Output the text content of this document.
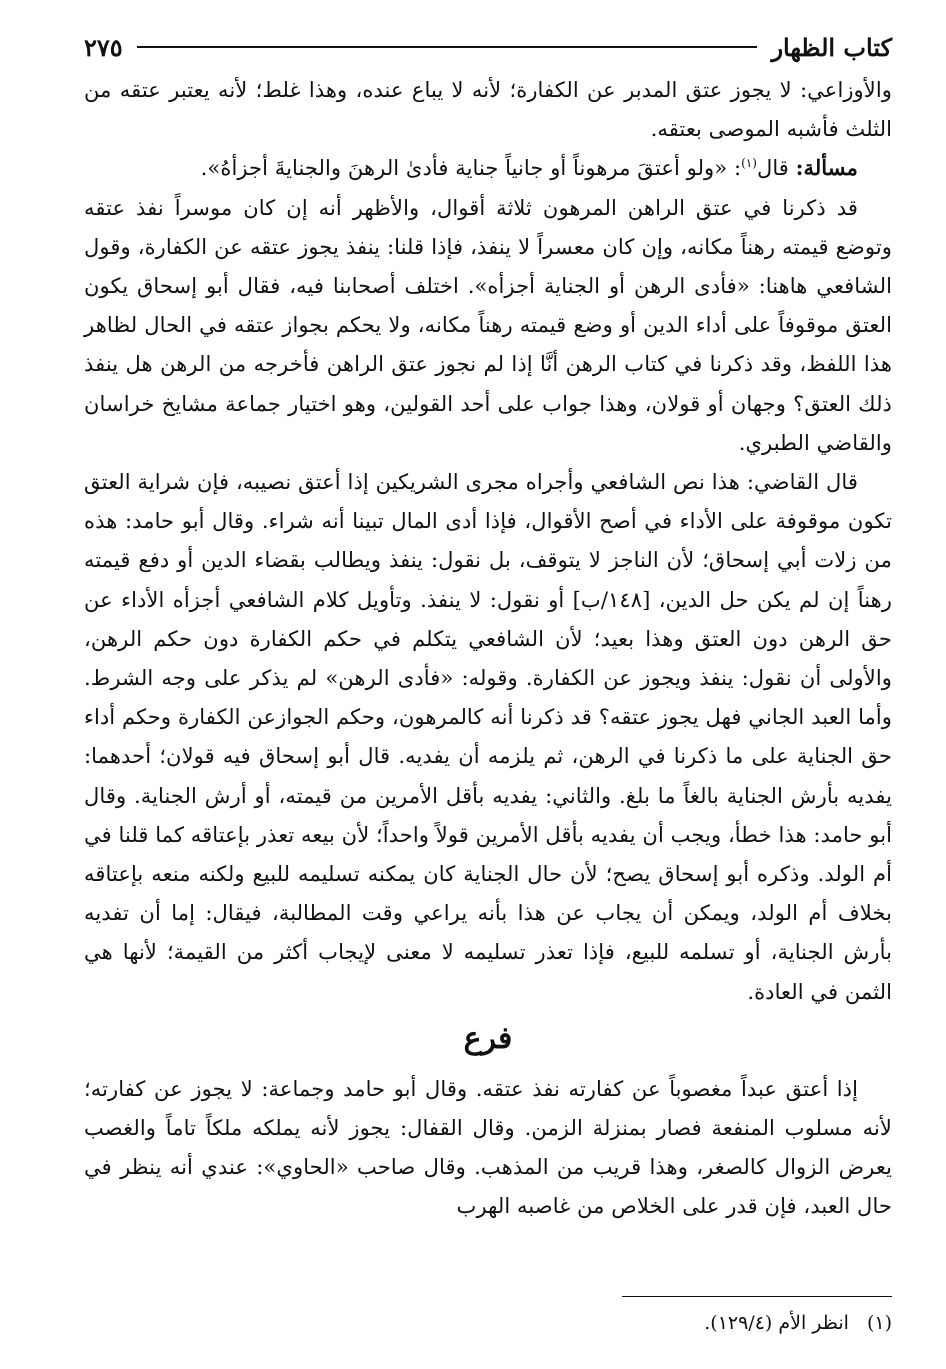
كتاب الظهار
٢٧٥

والأوزاعي: لا يجوز عتق المدبر عن الكفارة؛ لأنه لا يباع عنده، وهذا غلط؛ لأنه يعتبر عتقه من الثلث فأشبه الموصى بعتقه.

مسألة: قال$^{(١)}$: «ولو أعتقَ مرهوناً أو جانياً جناية فأدىٰ الرهنَ والجنايةَ أجزأهُ».

قد ذكرنا في عتق الراهن المرهون ثلاثة أقوال، والأظهر أنه إن كان موسراً نفذ عتقه وتوضع قيمته رهناً مكانه، وإن كان معسراً لا ينفذ، فإذا قلنا: ينفذ يجوز عتقه عن الكفارة، وقول الشافعي هاهنا: «فأدى الرهن أو الجناية أجزأه». اختلف أصحابنا فيه، فقال أبو إسحاق يكون العتق موقوفاً على أداء الدين أو وضع قيمته رهناً مكانه، ولا يحكم بجواز عتقه في الحال لظاهر هذا اللفظ، وقد ذكرنا في كتاب الرهن أنَّا إذا لم نجوز عتق الراهن فأخرجه من الرهن هل ينفذ ذلك العتق؟ وجهان أو قولان، وهذا جواب على أحد القولين، وهو اختيار جماعة مشايخ خراسان والقاضي الطبري.

قال القاضي: هذا نص الشافعي وأجراه مجرى الشريكين إذا أعتق نصيبه، فإن شراية العتق تكون موقوفة على الأداء في أصح الأقوال، فإذا أدى المال تبينا أنه شراء. وقال أبو حامد: هذه من زلات أبي إسحاق؛ لأن الناجز لا يتوقف، بل نقول: ينفذ ويطالب بقضاء الدين أو دفع قيمته رهناً إن لم يكن حل الدين، [١٤٨/ب] أو نقول: لا ينفذ. وتأويل كلام الشافعي أجزأه الأداء عن حق الرهن دون العتق وهذا بعيد؛ لأن الشافعي يتكلم في حكم الكفارة دون حكم الرهن، والأولى أن نقول: ينفذ ويجوز عن الكفارة. وقوله: «فأدى الرهن» لم يذكر على وجه الشرط. وأما العبد الجاني فهل يجوز عتقه؟ قد ذكرنا أنه كالمرهون، وحكم الجوازعن الكفارة وحكم أداء حق الجناية على ما ذكرنا في الرهن، ثم يلزمه أن يفديه. قال أبو إسحاق فيه قولان؛ أحدهما: يفديه بأرش الجناية بالغاً ما بلغ. والثاني: يفديه بأقل الأمرين من قيمته، أو أرش الجناية. وقال أبو حامد: هذا خطأ، ويجب أن يفديه بأقل الأمرين قولاً واحداً؛ لأن بيعه تعذر بإعتاقه كما قلنا في أم الولد. وذكره أبو إسحاق يصح؛ لأن حال الجناية كان يمكنه تسليمه للبيع ولكنه منعه بإعتاقه بخلاف أم الولد، ويمكن أن يجاب عن هذا بأنه يراعي وقت المطالبة، فيقال: إما أن تفديه بأرش الجناية، أو تسلمه للبيع، فإذا تعذر تسليمه لا معنى لإيجاب أكثر من القيمة؛ لأنها هي الثمن في العادة.

فرع

إذا أعتق عبداً مغصوباً عن كفارته نفذ عتقه. وقال أبو حامد وجماعة: لا يجوز عن كفارته؛ لأنه مسلوب المنفعة فصار بمنزلة الزمن. وقال القفال: يجوز لأنه يملكه ملكاً تاماً والغصب يعرض الزوال كالصغر، وهذا قريب من المذهب. وقال صاحب «الحاوي»: عندي أنه ينظر في حال العبد، فإن قدر على الخلاص من غاصبه الهرب

(١)انظر الأم (١٢٩/٤).
